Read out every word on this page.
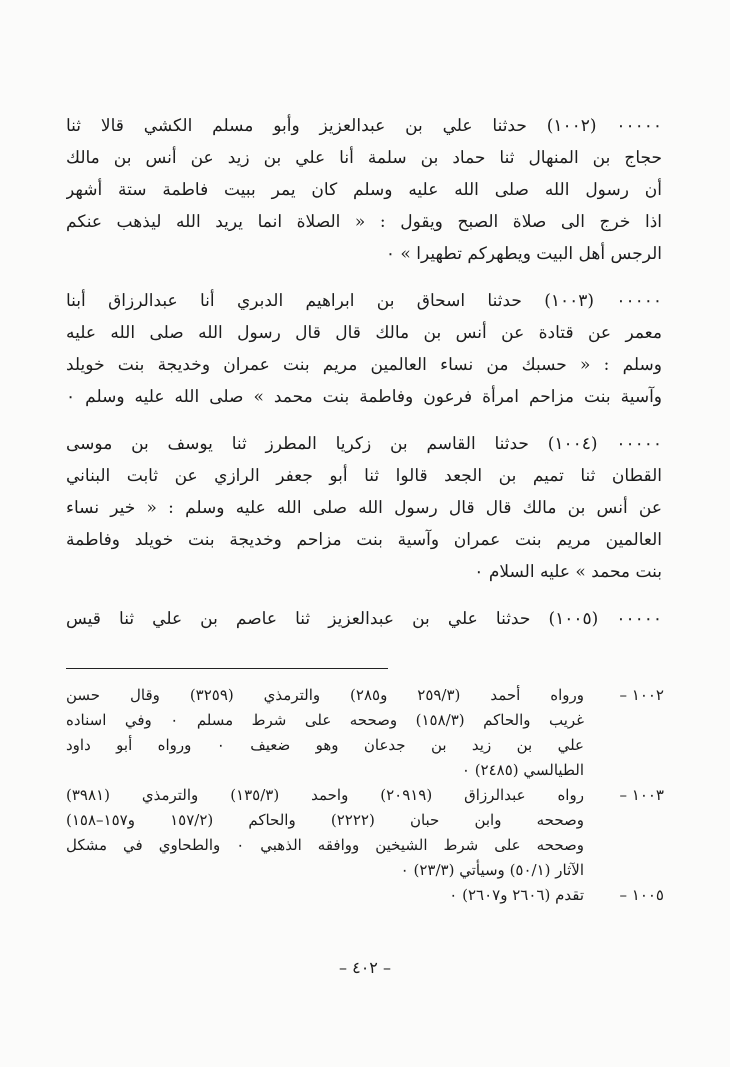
٠٠٠٠٠ (١٠٠٢) حدثنا علي بن عبدالعزيز وأبو مسلم الكشي قالا ثنا
حجاج بن المنهال ثنا حماد بن سلمة أنا علي بن زيد عن أنس بن مالك
أن رسول الله صلى الله عليه وسلم كان يمر ببيت فاطمة ستة أشهر
اذا خرج الى صلاة الصبح ويقول : « الصلاة انما يريد الله ليذهب عنكم
الرجس أهل البيت ويطهركم تطهيرا » ٠
٠٠٠٠٠ (١٠٠٣) حدثنا اسحاق بن ابراهيم الدبري أنا عبدالرزاق أبنا
معمر عن قتادة عن أنس بن مالك قال قال رسول الله صلى الله عليه
وسلم : « حسبك من نساء العالمين مريم بنت عمران وخديجة بنت خويلد
وآسية بنت مزاحم امرأة فرعون وفاطمة بنت محمد » صلى الله عليه وسلم ٠
٠٠٠٠٠ (١٠٠٤) حدثنا القاسم بن زكريا المطرز ثنا يوسف بن موسى
القطان ثنا تميم بن الجعد قالوا ثنا أبو جعفر الرازي عن ثابت البناني
عن أنس بن مالك قال قال رسول الله صلى الله عليه وسلم : « خير نساء
العالمين مريم بنت عمران وآسية بنت مزاحم وخديجة بنت خويلد وفاطمة
بنت محمد » عليه السلام ٠
٠٠٠٠٠ (١٠٠٥) حدثنا علي بن عبدالعزيز ثنا عاصم بن علي ثنا قيس
١٠٠٢ –
ورواه أحمد (٢٥٩/٣ و٢٨٥) والترمذي (٣٢٥٩) وقال حسن
غريب والحاكم (١٥٨/٣) وصححه على شرط مسلم ٠ وفي اسناده
علي بن زيد بن جدعان وهو ضعيف ٠ ورواه أبو داود
الطيالسي (٢٤٨٥) ٠
١٠٠٣ –
رواه عبدالرزاق (٢٠٩١٩) واحمد (١٣٥/٣) والترمذي (٣٩٨١)
وصححه وابن حبان (٢٢٢٢) والحاكم (١٥٧/٢ و١٥٧–١٥٨)
وصححه على شرط الشيخين ووافقه الذهبي ٠ والطحاوي في مشكل
الآثار (٥٠/١) وسيأتي (٢٣/٣) ٠
١٠٠٥ –
تقدم (٢٦٠٦ و٢٦٠٧) ٠
– ٤٠٢ –
